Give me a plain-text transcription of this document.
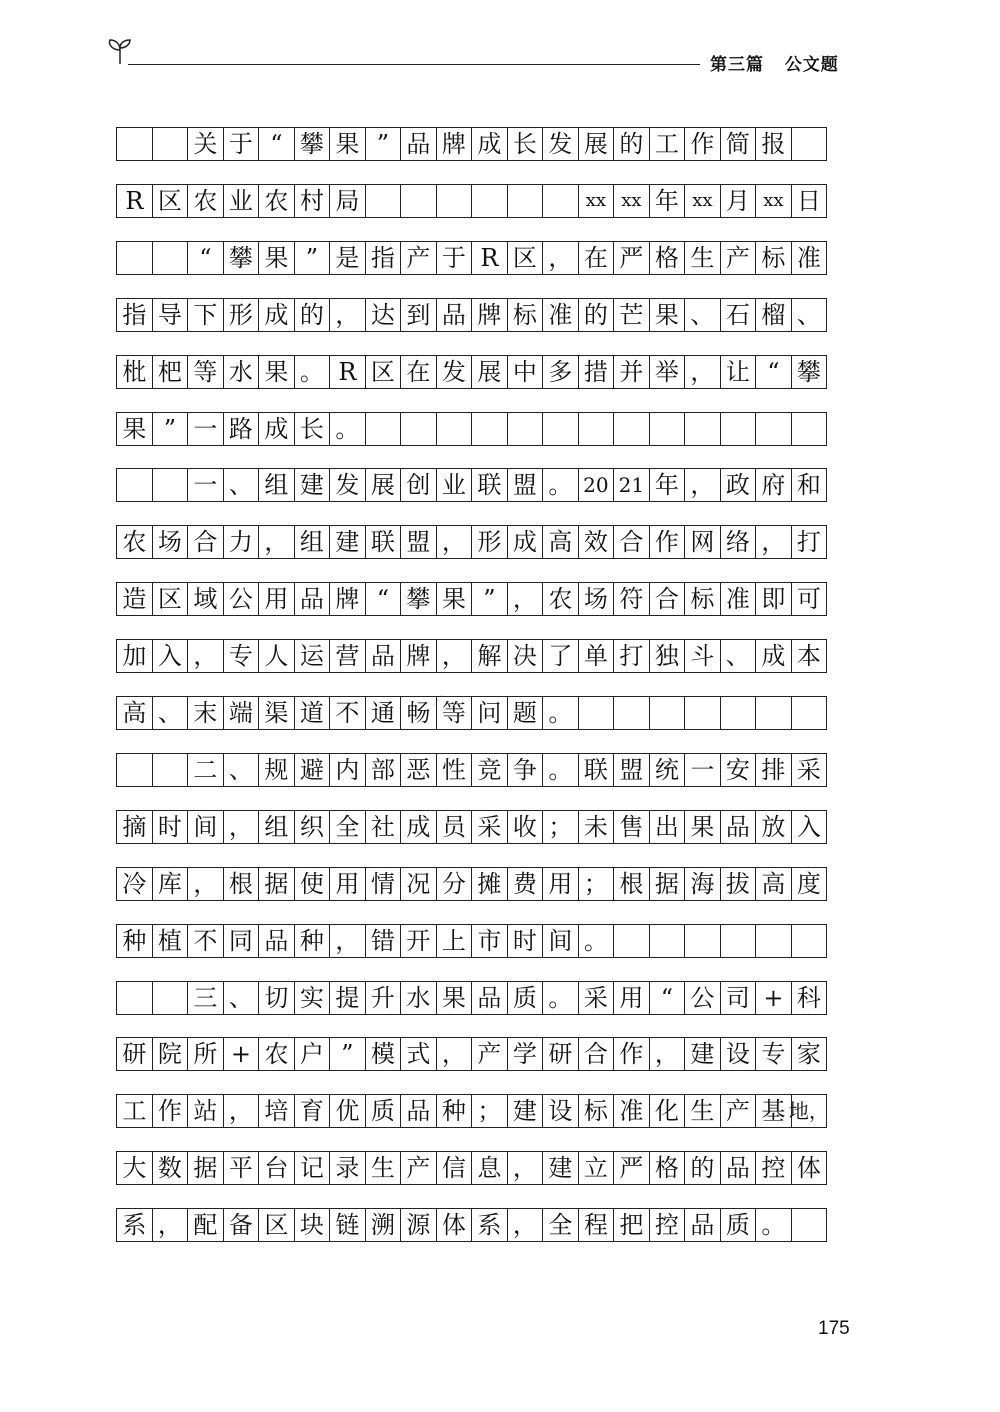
第三篇 公文题
···
关 于 “ 攀 果 ” 品 牌 成 长 发 展 的 工 作 简 报
R 区 农 业 农 村 局	x x x x 年 x x 月 x x 日
“ 攀 果 ” 是 指 产 于 R 区 ， 在 严 格 生 产 标 准
指 导 下 形 成 的 ， 达 到 品 牌 标 准 的 芒 果 、 石 榴 、
枇 杷 等 水 果 。 R 区 在 发 展 中 多 措 并 举 ， 让 “ 攀
果 ” 一 路 成 长 。
一 、 组 建 发 展 创 业 联 盟 。 20 21 年 ， 政 府 和
农 场 合 力 ， 组 建 联 盟 ， 形 成 高 效 合 作 网 络 ， 打
造 区 域 公 用 品 牌 “ 攀 果 ” ， 农 场 符 合 标 准 即 可
加 入 ， 专 人 运 营 品 牌 ， 解 决 了 单 打 独 斗 、 成 本
高 、 末 端 渠 道 不 通 畅 等 问 题 。
二 、 规 避 内 部 恶 性 竞 争 。 联 盟 统 一 安 排 采
摘 时 间 ， 组 织 全 社 成 员 采 收 ； 未 售 出 果 品 放 入
冷 库 ， 根 据 使 用 情 况 分 摊 费 用 ； 根 据 海 拔 高 度
种 植 不 同 品 种 ， 错 开 上 市 时 间 。
三 、 切 实 提 升 水 果 品 质 。 采 用 “ 公 司 + 科
研 院 所 + 农 户 ” 模 式 ， 产 学 研 合 作 ， 建 设 专 家
工 作 站 ， 培 育 优 质 品 种 ； 建 设 标 准 化 生 产 基 地，
大 数 据 平 台 记 录 生 产 信 息 ， 建 立 严 格 的 品 控 体
系 ， 配 备 区 块 链 溯 源 体 系 ， 全 程 把 控 品 质 。
175
